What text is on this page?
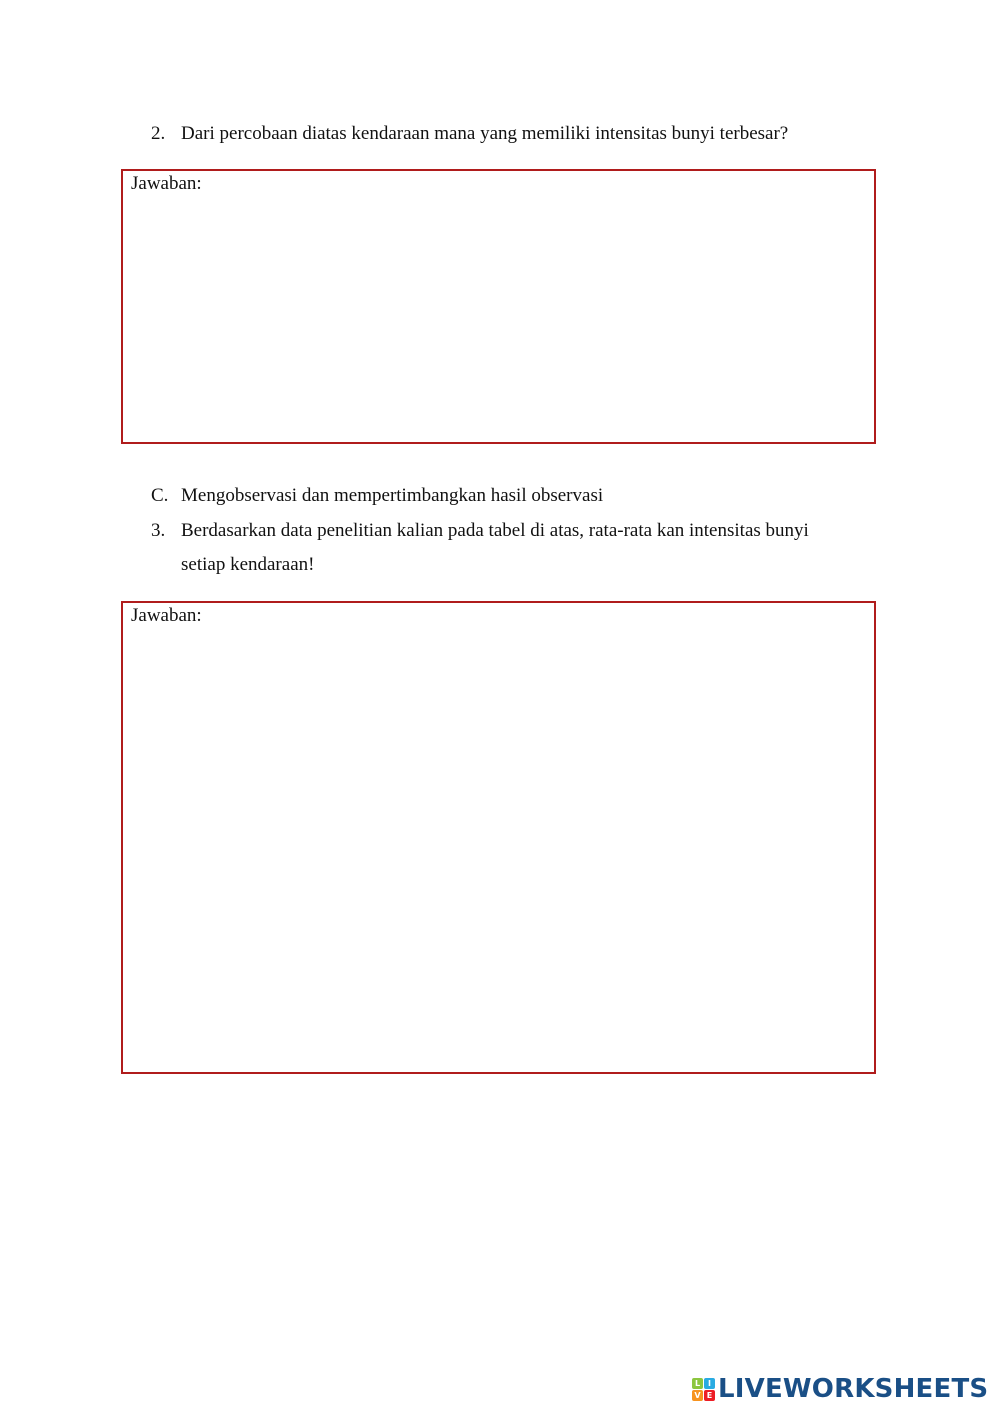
2. Dari percobaan diatas kendaraan mana yang memiliki intensitas bunyi terbesar?
Jawaban:
C. Mengobservasi dan mempertimbangkan hasil observasi
3. Berdasarkan data penelitian kalian pada tabel di atas, rata-rata kan intensitas bunyi
setiap kendaraan!
Jawaban:
L I
V E LIVEWORKSHEETS
